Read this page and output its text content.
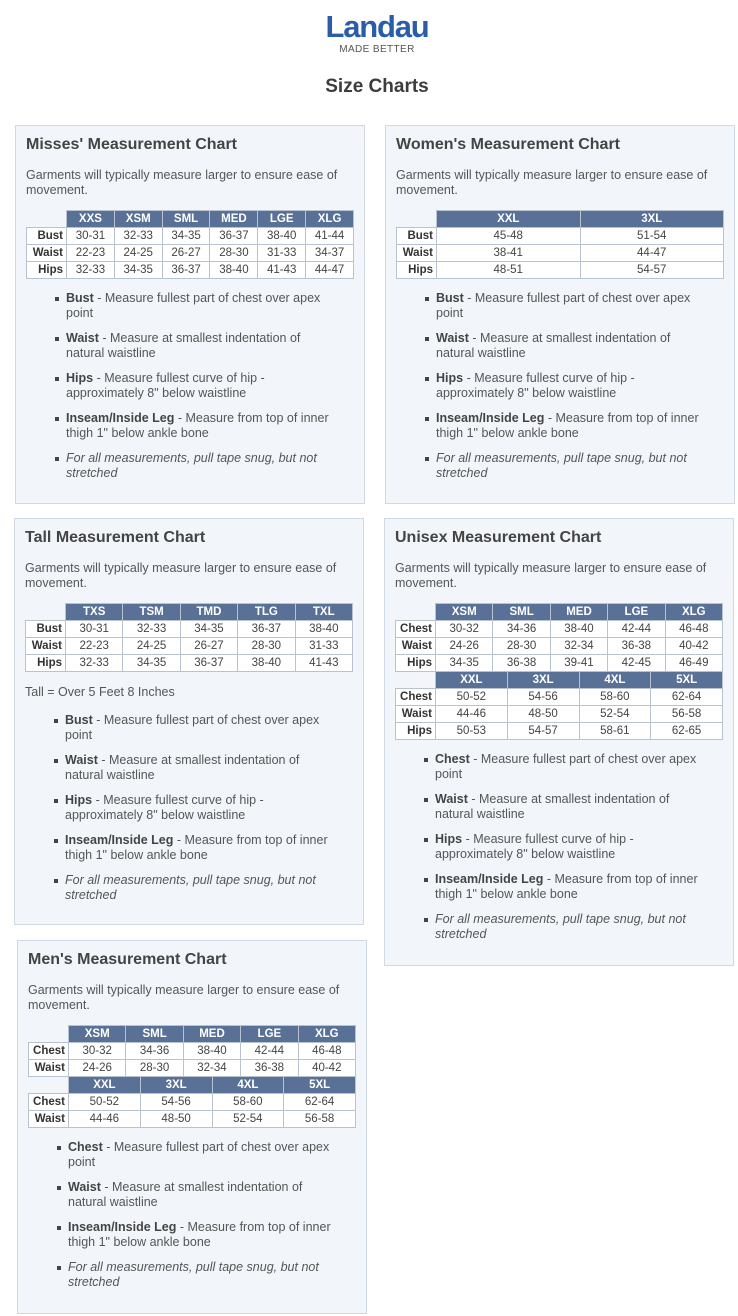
Landau
MADE BETTER
Size Charts
Misses' Measurement Chart
Garments will typically measure larger to ensure ease of movement.
	XXS	XSM	SML	MED	LGE	XLG
Bust	30-31	32-33	34-35	36-37	38-40	41-44
Waist	22-23	24-25	26-27	28-30	31-33	34-37
Hips	32-33	34-35	36-37	38-40	41-43	44-47
Bust - Measure fullest part of chest over apex point
Waist - Measure at smallest indentation of natural waistline
Hips - Measure fullest curve of hip - approximately 8" below waistline
Inseam/Inside Leg - Measure from top of inner thigh 1" below ankle bone
For all measurements, pull tape snug, but not stretched
Women's Measurement Chart
Garments will typically measure larger to ensure ease of movement.
	XXL	3XL
Bust	45-48	51-54
Waist	38-41	44-47
Hips	48-51	54-57
Bust - Measure fullest part of chest over apex point
Waist - Measure at smallest indentation of natural waistline
Hips - Measure fullest curve of hip - approximately 8" below waistline
Inseam/Inside Leg - Measure from top of inner thigh 1" below ankle bone
For all measurements, pull tape snug, but not stretched
Tall Measurement Chart
Garments will typically measure larger to ensure ease of movement.
	TXS	TSM	TMD	TLG	TXL
Bust	30-31	32-33	34-35	36-37	38-40
Waist	22-23	24-25	26-27	28-30	31-33
Hips	32-33	34-35	36-37	38-40	41-43
Tall = Over 5 Feet 8 Inches
Bust - Measure fullest part of chest over apex point
Waist - Measure at smallest indentation of natural waistline
Hips - Measure fullest curve of hip - approximately 8" below waistline
Inseam/Inside Leg - Measure from top of inner thigh 1" below ankle bone
For all measurements, pull tape snug, but not stretched
Unisex Measurement Chart
Garments will typically measure larger to ensure ease of movement.
	XSM	SML	MED	LGE	XLG
Chest	30-32	34-36	38-40	42-44	46-48
Waist	24-26	28-30	32-34	36-38	40-42
Hips	34-35	36-38	39-41	42-45	46-49
	XXL	3XL	4XL	5XL
Chest	50-52	54-56	58-60	62-64
Waist	44-46	48-50	52-54	56-58
Hips	50-53	54-57	58-61	62-65
Chest - Measure fullest part of chest over apex point
Waist - Measure at smallest indentation of natural waistline
Hips - Measure fullest curve of hip - approximately 8" below waistline
Inseam/Inside Leg - Measure from top of inner thigh 1" below ankle bone
For all measurements, pull tape snug, but not stretched
Men's Measurement Chart
Garments will typically measure larger to ensure ease of movement.
	XSM	SML	MED	LGE	XLG
Chest	30-32	34-36	38-40	42-44	46-48
Waist	24-26	28-30	32-34	36-38	40-42
	XXL	3XL	4XL	5XL
Chest	50-52	54-56	58-60	62-64
Waist	44-46	48-50	52-54	56-58
Chest - Measure fullest part of chest over apex point
Waist - Measure at smallest indentation of natural waistline
Inseam/Inside Leg - Measure from top of inner thigh 1" below ankle bone
For all measurements, pull tape snug, but not stretched
